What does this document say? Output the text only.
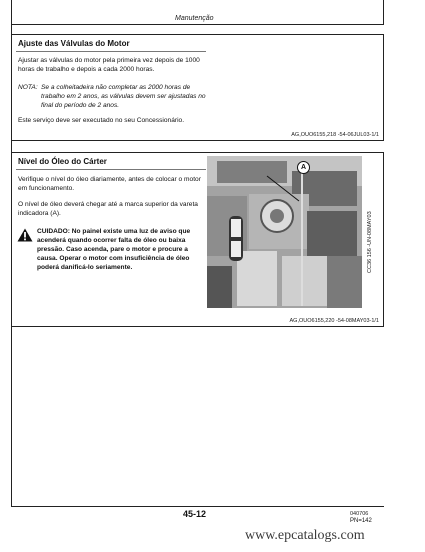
Manutenção
Ajuste das Válvulas do Motor
Ajustar as válvulas do motor pela primeira vez depois de 1000 horas de trabalho e depois a cada 2000 horas.
NOTA: Se a colheitadeira não completar as 2000 horas de trabalho em 2 anos, as válvulas devem ser ajustadas no final do período de 2 anos.
Este serviço deve ser executado no seu Concessionário.
AG,OUO6155,218 -54-06JUL03-1/1
Nível do Óleo do Cárter
Verifique o nível do óleo diariamente, antes de colocar o motor em funcionamento.
O nível de óleo deverá chegar até a marca superior da vareta indicadora (A).
CUIDADO: No painel existe uma luz de aviso que acenderá quando ocorrer falta de óleo ou baixa pressão. Caso acenda, pare o motor e procure a causa. Operar o motor com insuficiência de óleo poderá danificá-lo seriamente.
A
CC36 156 -UN-08MAY03
AG,OUO6155,220 -54-08MAY03-1/1
45-12	040706
PN=142
www.epcatalogs.com
